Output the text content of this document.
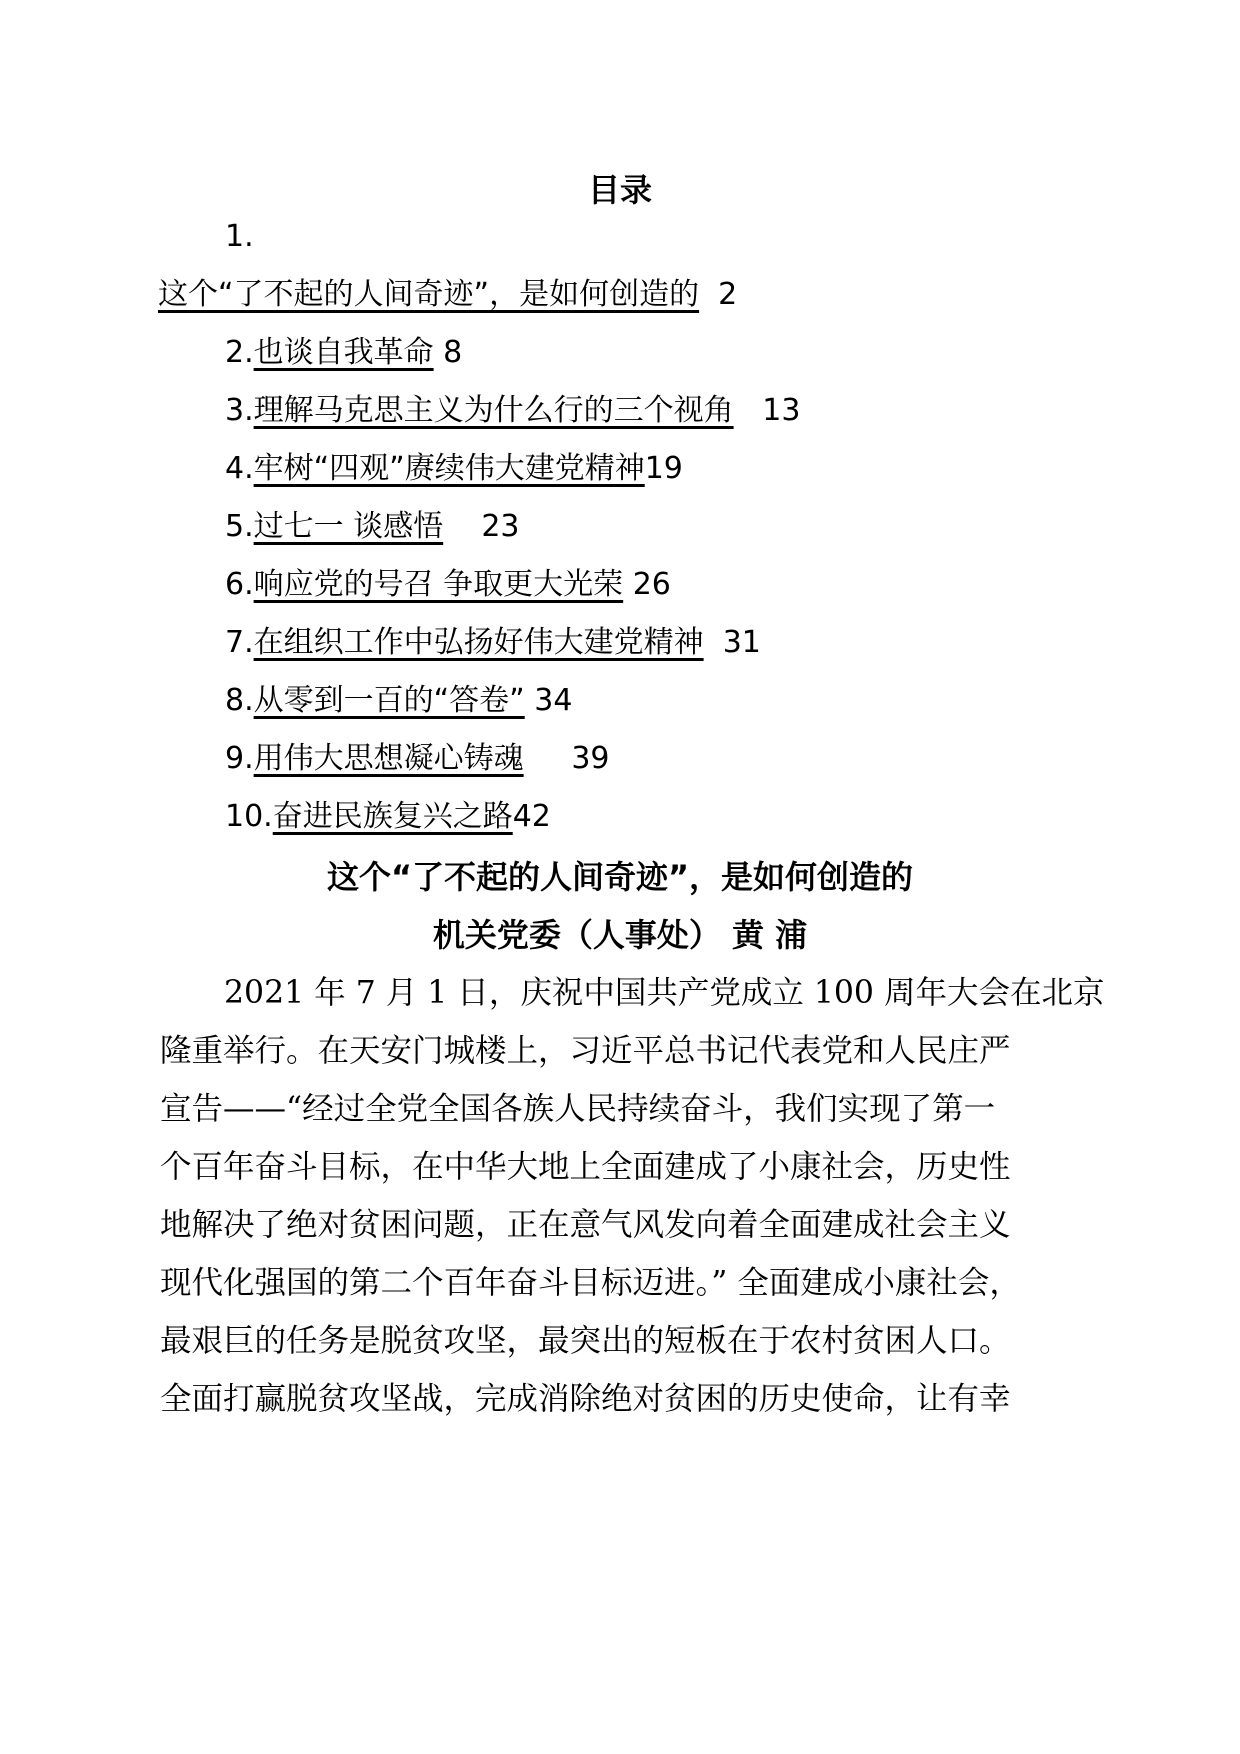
目录
1.
这个“了不起的人间奇迹”，是如何创造的 2
2.也谈自我革命 8
3.理解马克思主义为什么行的三个视角 13
4.牢树“四观”赓续伟大建党精神19
5.过七一 谈感悟 23
6.响应党的号召 争取更大光荣 26
7.在组织工作中弘扬好伟大建党精神 31
8.从零到一百的“答卷” 34
9.用伟大思想凝心铸魂 39
10.奋进民族复兴之路42
这个“了不起的人间奇迹”，是如何创造的
机关党委（人事处） 黄 浦
2021 年 7 月 1 日，庆祝中国共产党成立 100 周年大会在北京
隆重举行。在天安门城楼上，习近平总书记代表党和人民庄严
宣告——“经过全党全国各族人民持续奋斗，我们实现了第一
个百年奋斗目标，在中华大地上全面建成了小康社会，历史性
地解决了绝对贫困问题，正在意气风发向着全面建成社会主义
现代化强国的第二个百年奋斗目标迈进。” 全面建成小康社会，
最艰巨的任务是脱贫攻坚，最突出的短板在于农村贫困人口。
全面打赢脱贫攻坚战，完成消除绝对贫困的历史使命，让有幸
